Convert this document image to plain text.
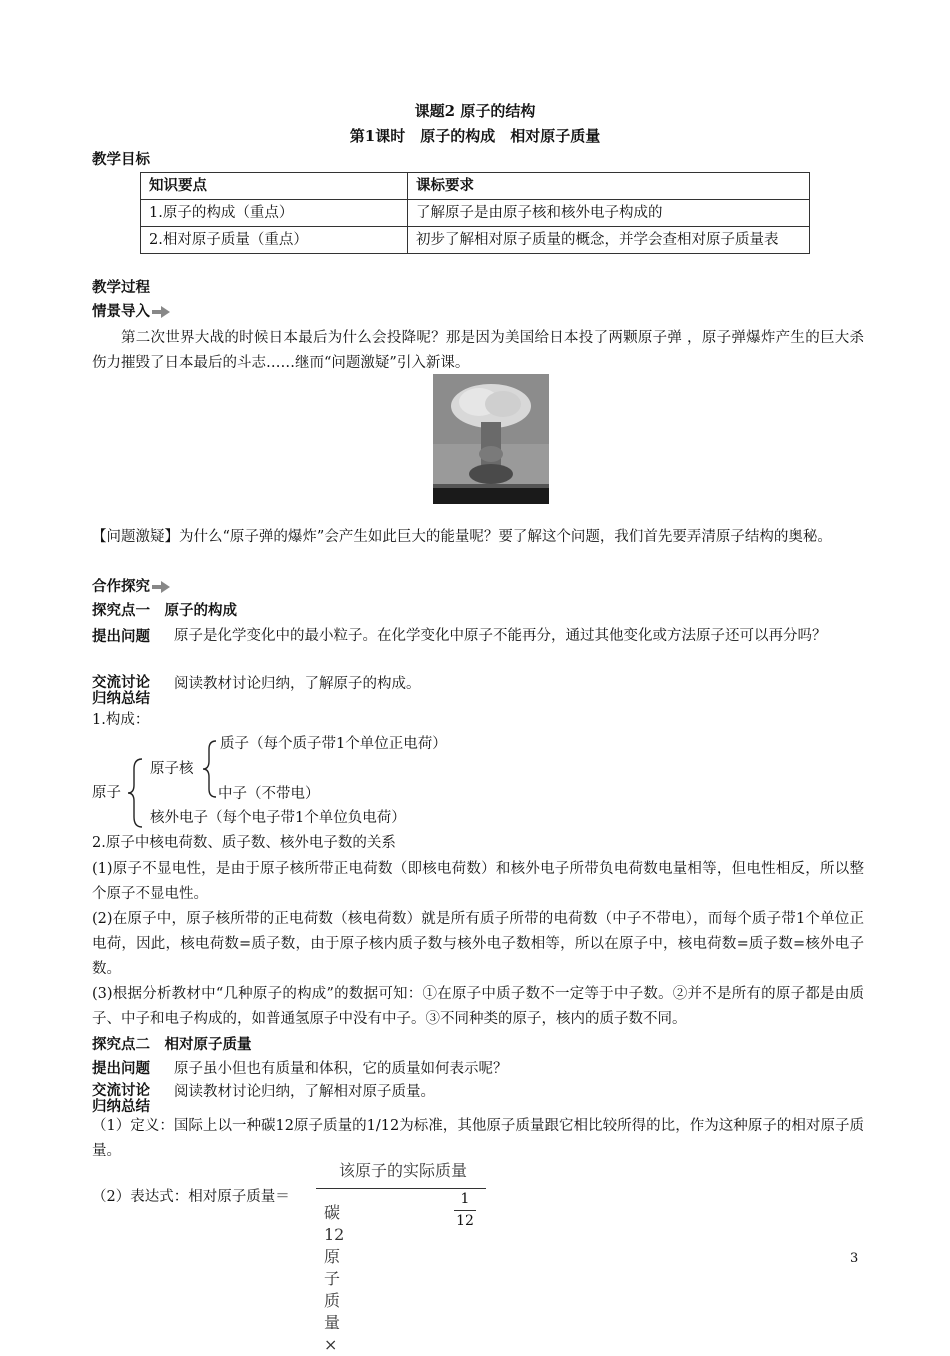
课题2 原子的结构
第1课时　原子的构成　相对原子质量
教学目标
知识要点	课标要求
1.原子的构成（重点）	了解原子是由原子核和核外电子构成的
2.相对原子质量（重点）	初步了解相对原子质量的概念，并学会查相对原子质量表
教学过程
情景导入
第二次世界大战的时候日本最后为什么会投降呢？那是因为美国给日本投了两颗原子弹 ，原子弹爆炸产生的巨大杀伤力摧毁了日本最后的斗志……继而“问题激疑”引入新课。
【问题激疑】为什么“原子弹的爆炸”会产生如此巨大的能量呢？要了解这个问题，我们首先要弄清原子结构的奥秘。
合作探究
探究点一　原子的构成
提出问题	原子是化学变化中的最小粒子。在化学变化中原子不能再分，通过其他变化或方法原子还可以再分吗？
交流讨论
归纳总结
阅读教材讨论归纳，了解原子的构成。
1.构成：
原子
原子核
质子（每个质子带1个单位正电荷）
中子（不带电）
核外电子（每个电子带1个单位负电荷）
2.原子中核电荷数、质子数、核外电子数的关系
(1)原子不显电性，是由于原子核所带正电荷数（即核电荷数）和核外电子所带负电荷数电量相等，但电性相反，所以整个原子不显电性。
(2)在原子中，原子核所带的正电荷数（核电荷数）就是所有质子所带的电荷数（中子不带电），而每个质子带1个单位正电荷，因此，核电荷数=质子数，由于原子核内质子数与核外电子数相等，所以在原子中，核电荷数=质子数=核外电子数。
(3)根据分析教材中“几种原子的构成”的数据可知：①在原子中质子数不一定等于中子数。②并不是所有的原子都是由质子、中子和电子构成的，如普通氢原子中没有中子。③不同种类的原子，核内的质子数不同。
探究点二　相对原子质量
提出问题 原子虽小但也有质量和体积，它的质量如何表示呢？
交流讨论
归纳总结
阅读教材讨论归纳，了解相对原子质量。
（1）定义：国际上以一种碳12原子质量的1/12为标准，其他原子质量跟它相比较所得的比，作为这种原子的相对原子质量。
（2）表达式：相对原子质量＝
该原子的实际质量
碳12原子质量×
1
12
3
